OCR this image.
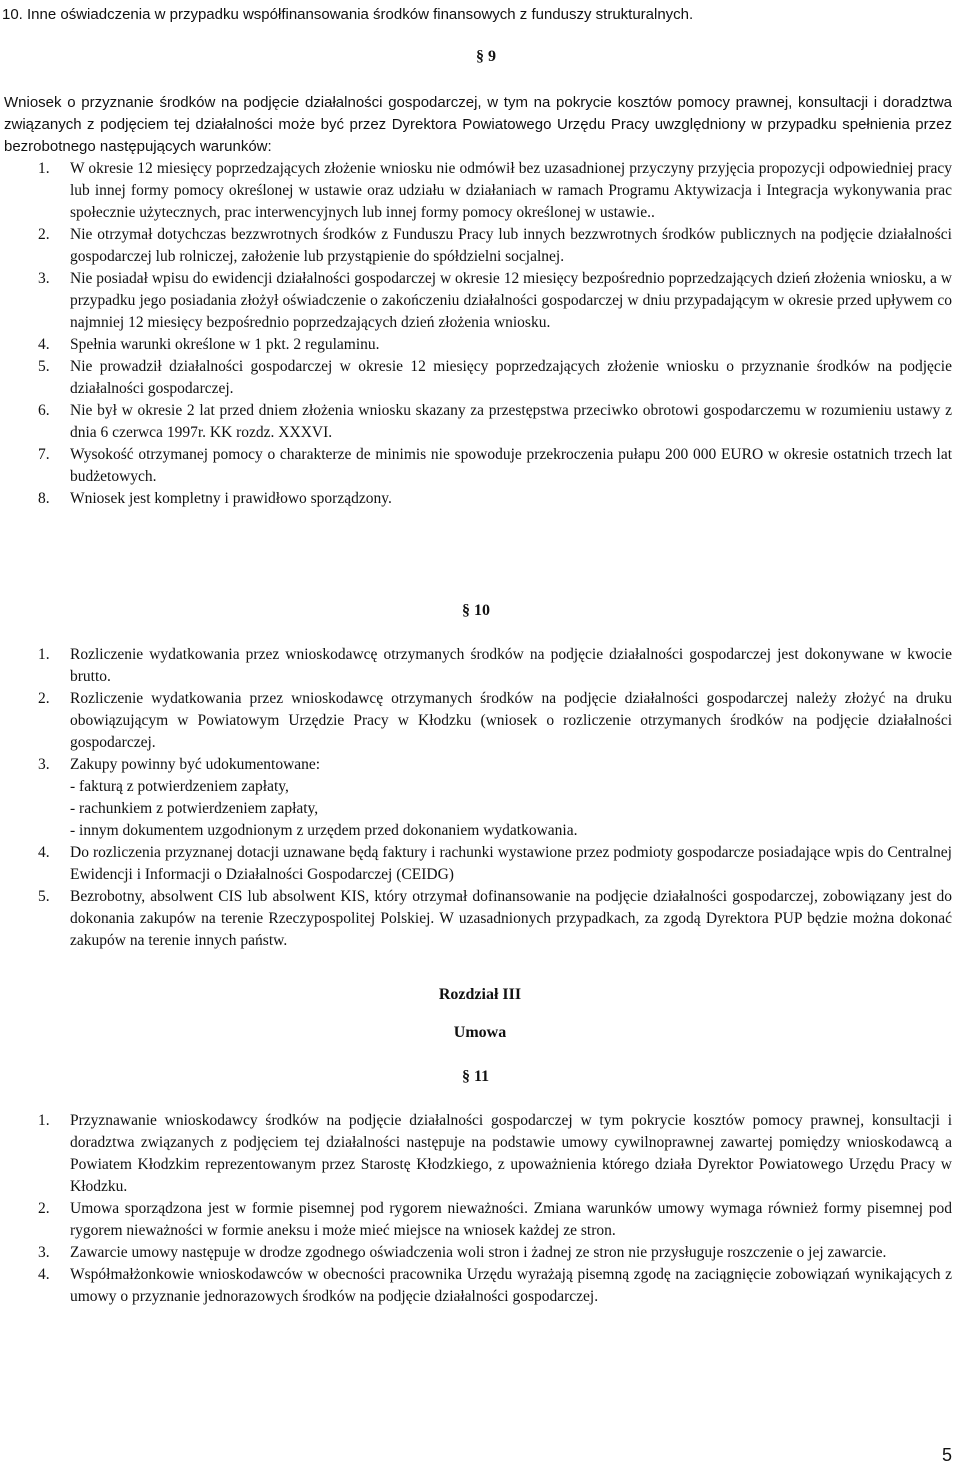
10. Inne oświadczenia w przypadku współfinansowania środków finansowych z funduszy strukturalnych.
§ 9
Wniosek o przyznanie środków na podjęcie działalności gospodarczej, w tym na pokrycie kosztów pomocy prawnej, konsultacji i doradztwa związanych z podjęciem tej działalności może być przez Dyrektora Powiatowego Urzędu Pracy uwzględniony w przypadku spełnienia przez bezrobotnego następujących warunków:
1. W okresie 12 miesięcy poprzedzających złożenie wniosku nie odmówił bez uzasadnionej przyczyny przyjęcia propozycji odpowiedniej pracy lub innej formy pomocy określonej w ustawie oraz udziału w działaniach w ramach Programu Aktywizacja i Integracja wykonywania prac społecznie użytecznych, prac interwencyjnych lub innej formy pomocy określonej w ustawie..
2. Nie otrzymał dotychczas bezzwrotnych środków z Funduszu Pracy lub innych bezzwrotnych środków publicznych na podjęcie działalności gospodarczej lub rolniczej, założenie lub przystąpienie do spółdzielni socjalnej.
3. Nie posiadał wpisu do ewidencji działalności gospodarczej w okresie 12 miesięcy bezpośrednio poprzedzających dzień złożenia wniosku, a w przypadku jego posiadania złożył oświadczenie o zakończeniu działalności gospodarczej w dniu przypadającym w okresie przed upływem co najmniej 12 miesięcy bezpośrednio poprzedzających dzień złożenia wniosku.
4. Spełnia warunki określone w 1 pkt. 2 regulaminu.
5. Nie prowadził działalności gospodarczej w okresie 12 miesięcy poprzedzających złożenie wniosku o przyznanie środków na podjęcie działalności gospodarczej.
6. Nie był w okresie 2 lat przed dniem złożenia wniosku skazany za przestępstwa przeciwko obrotowi gospodarczemu w rozumieniu ustawy z dnia 6 czerwca 1997r. KK rozdz. XXXVI.
7. Wysokość otrzymanej pomocy o charakterze de minimis nie spowoduje przekroczenia pułapu 200 000 EURO w okresie ostatnich trzech lat budżetowych.
8. Wniosek jest kompletny i prawidłowo sporządzony.
§ 10
1. Rozliczenie wydatkowania przez wnioskodawcę otrzymanych środków na podjęcie działalności gospodarczej jest dokonywane w kwocie brutto.
2. Rozliczenie wydatkowania przez wnioskodawcę otrzymanych środków na podjęcie działalności gospodarczej należy złożyć na druku obowiązującym w Powiatowym Urzędzie Pracy w Kłodzku (wniosek o rozliczenie otrzymanych środków na podjęcie działalności gospodarczej.
3. Zakupy powinny być udokumentowane:
- fakturą z potwierdzeniem zapłaty,
- rachunkiem z potwierdzeniem zapłaty,
- innym dokumentem uzgodnionym z urzędem przed dokonaniem wydatkowania.
4. Do rozliczenia przyznanej dotacji uznawane będą faktury i rachunki wystawione przez podmioty gospodarcze posiadające wpis do Centralnej Ewidencji i Informacji o Działalności Gospodarczej (CEIDG)
5. Bezrobotny, absolwent CIS lub absolwent KIS, który otrzymał dofinansowanie na podjęcie działalności gospodarczej, zobowiązany jest do dokonania zakupów na terenie Rzeczypospolitej Polskiej. W uzasadnionych przypadkach, za zgodą Dyrektora PUP będzie można dokonać zakupów na terenie innych państw.
Rozdział III
Umowa
§ 11
1. Przyznawanie wnioskodawcy środków na podjęcie działalności gospodarczej w tym pokrycie kosztów pomocy prawnej, konsultacji i doradztwa związanych z podjęciem tej działalności następuje na podstawie umowy cywilnoprawnej zawartej pomiędzy wnioskodawcą a Powiatem Kłodzkim reprezentowanym przez Starostę Kłodzkiego, z upoważnienia którego działa Dyrektor Powiatowego Urzędu Pracy w Kłodzku.
2. Umowa sporządzona jest w formie pisemnej pod rygorem nieważności. Zmiana warunków umowy wymaga również formy pisemnej pod rygorem nieważności w formie aneksu i może mieć miejsce na wniosek każdej ze stron.
3. Zawarcie umowy następuje w drodze zgodnego oświadczenia woli stron i żadnej ze stron nie przysługuje roszczenie o jej zawarcie.
4. Współmałżonkowie wnioskodawców w obecności pracownika Urzędu wyrażają pisemną zgodę na zaciągnięcie zobowiązań wynikających z umowy o przyznanie jednorazowych środków na podjęcie działalności gospodarczej.
5
